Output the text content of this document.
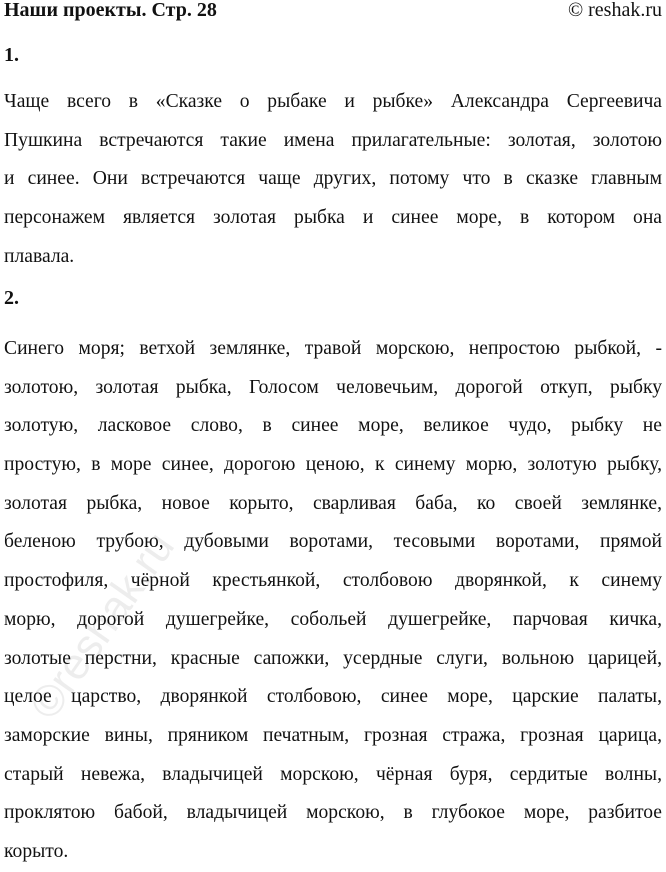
Наши проекты. Стр. 28	© reshak.ru
1.
Чаще всего в «Сказке о рыбаке и рыбке» Александра Сергеевича
Пушкина встречаются такие имена прилагательные: золотая, золотою
и синее. Они встречаются чаще других, потому что в сказке главным
персонажем является золотая рыбка и синее море, в котором она
плавала.
2.
Синего моря; ветхой землянке, травой морскою, непростою рыбкой, -
золотою, золотая рыбка, Голосом человечьим, дорогой откуп, рыбку
золотую, ласковое слово, в синее море, великое чудо, рыбку не
простую, в море синее, дорогою ценою, к синему морю, золотую рыбку,
золотая рыбка, новое корыто, сварливая баба, ко своей землянке,
беленою трубою, дубовыми воротами, тесовыми воротами, прямой
простофиля, чёрной крестьянкой, столбовою дворянкой, к синему
морю, дорогой душегрейке, собольей душегрейке, парчовая кичка,
золотые перстни, красные сапожки, усердные слуги, вольною царицей,
целое царство, дворянкой столбовою, синее море, царские палаты,
заморские вины, пряником печатным, грозная стража, грозная царица,
старый невежа, владычицей морскою, чёрная буря, сердитые волны,
проклятою бабой, владычицей морскою, в глубокое море, разбитое
корыто.
©reshak.ru
